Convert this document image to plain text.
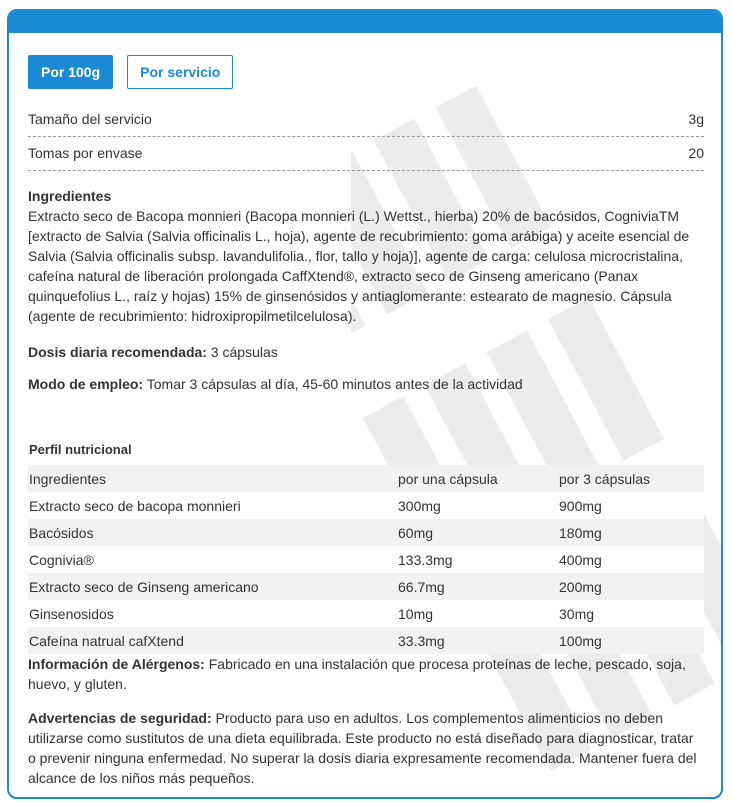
Por 100g	Por servicio
Tamaño del servicio	3g
Tomas por envase	20

Ingredientes

Extracto seco de Bacopa monnieri (Bacopa monnieri (L.) Wettst., hierba) 20% de bacósidos, CogniviaTM [extracto de Salvia (Salvia officinalis L., hoja), agente de recubrimiento: goma arábiga) y aceite esencial de Salvia (Salvia officinalis subsp. lavandulifolia., flor, tallo y hoja)], agente de carga: celulosa microcristalina, cafeína natural de liberación prolongada CaffXtend®, extracto seco de Ginseng americano (Panax quinquefolius L., raíz y hojas) 15% de ginsenósidos y antiaglomerante: estearato de magnesio. Cápsula (agente de recubrimiento: hidroxipropilmetilcelulosa).

Dosis diaria recomendada: 3 cápsulas

Modo de empleo: Tomar 3 cápsulas al día, 45-60 minutos antes de la actividad

Perfil nutricional
Ingredientes	por una cápsula	por 3 cápsulas
Extracto seco de bacopa monnieri	300mg	900mg
Bacósidos	60mg	180mg
Cognivia®	133.3mg	400mg
Extracto seco de Ginseng americano	66.7mg	200mg
Ginsenosidos	10mg	30mg
Cafeína natrual cafXtend	33.3mg	100mg

Información de Alérgenos: Fabricado en una instalación que procesa proteínas de leche, pescado, soja, huevo, y gluten.

Advertencias de seguridad: Producto para uso en adultos. Los complementos alimenticios no deben utilizarse como sustitutos de una dieta equilibrada. Este producto no está diseñado para diagnosticar, tratar o prevenir ninguna enfermedad. No superar la dosis diaria expresamente recomendada. Mantener fuera del alcance de los niños más pequeños.
